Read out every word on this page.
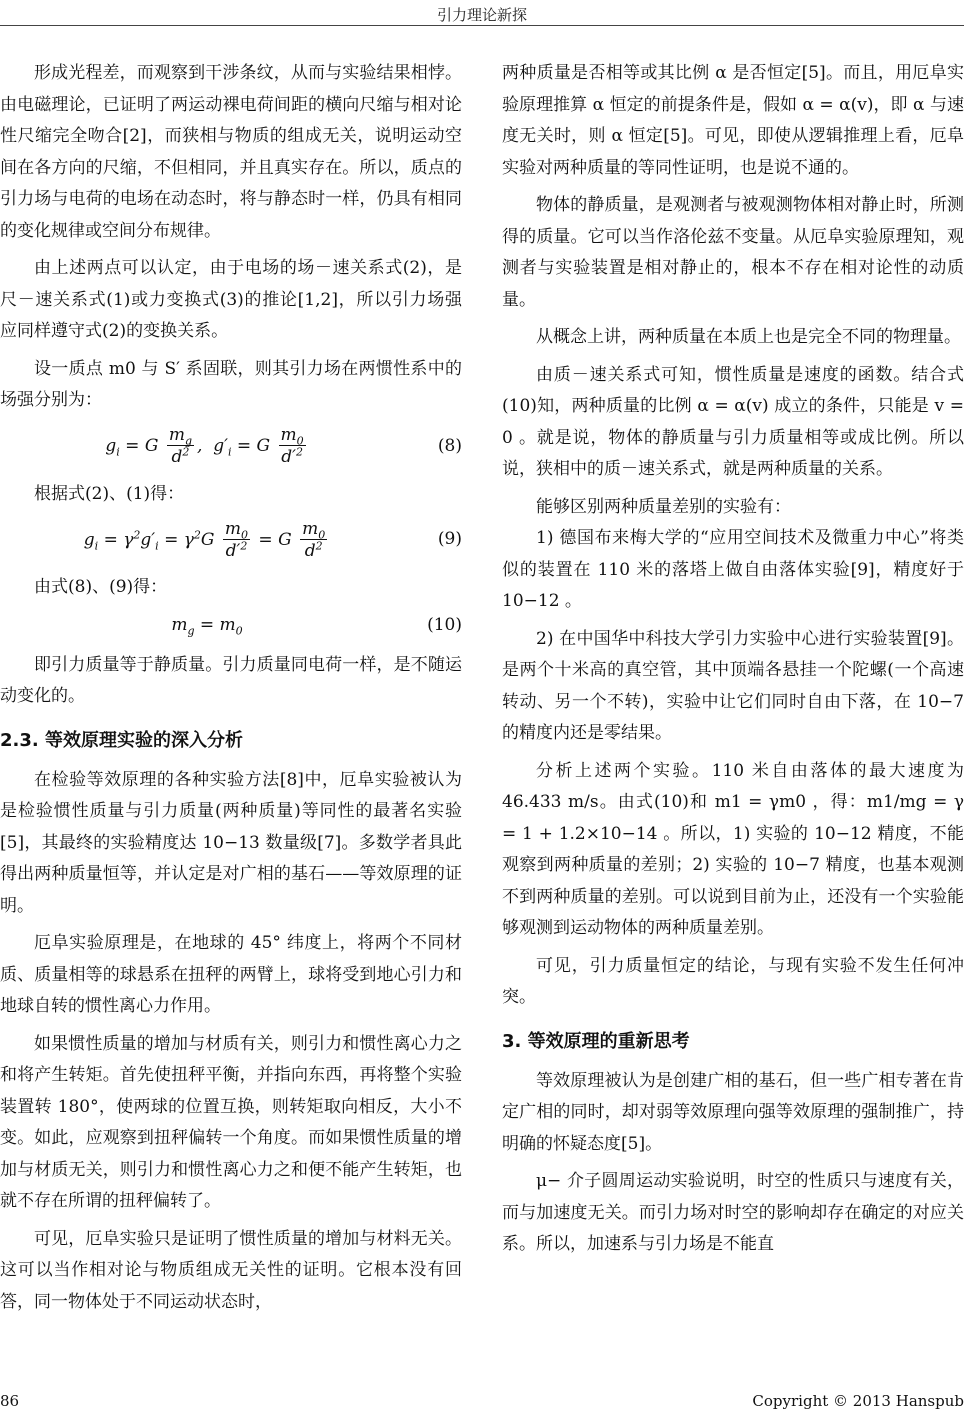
引力理论新探

形成光程差，而观察到干涉条纹，从而与实验结果相悖。由电磁理论，已证明了两运动裸电荷间距的横向尺缩与相对论性尺缩完全吻合[2]，而狭相与物质的组成无关，说明运动空间在各方向的尺缩，不但相同，并且真实存在。所以，质点的引力场与电荷的电场在动态时，将与静态时一样，仍具有相同的变化规律或空间分布规律。

由上述两点可以认定，由于电场的场－速关系式(2)，是尺－速关系式(1)或力变换式(3)的推论[1,2]，所以引力场强应同样遵守式(2)的变换关系。

设一质点 m0 与 S′ 系固联，则其引力场在两惯性系中的场强分别为：

$g_i = G \frac{m_g}{d^2}$ ,  $g'_i = G \frac{m_0}{d'^2}$	(8)

根据式(2)、(1)得：

$g_i = \gamma^2g'_i = \gamma^2G \frac{m_0}{d'^2} = G \frac{m_0}{d^2}$	(9)

由式(8)、(9)得：

$m_g = m_0$	(10)

即引力质量等于静质量。引力质量同电荷一样，是不随运动变化的。

2.3. 等效原理实验的深入分析

在检验等效原理的各种实验方法[8]中，厄阜实验被认为是检验惯性质量与引力质量(两种质量)等同性的最著名实验[5]，其最终的实验精度达 10−13 数量级[7]。多数学者具此得出两种质量恒等，并认定是对广相的基石——等效原理的证明。

厄阜实验原理是，在地球的 45° 纬度上，将两个不同材质、质量相等的球悬系在扭秤的两臂上，球将受到地心引力和地球自转的惯性离心力作用。

如果惯性质量的增加与材质有关，则引力和惯性离心力之和将产生转矩。首先使扭秤平衡，并指向东西，再将整个实验装置转 180°，使两球的位置互换，则转矩取向相反，大小不变。如此，应观察到扭秤偏转一个角度。而如果惯性质量的增加与材质无关，则引力和惯性离心力之和便不能产生转矩，也就不存在所谓的扭秤偏转了。

可见，厄阜实验只是证明了惯性质量的增加与材料无关。这可以当作相对论与物质组成无关性的证明。它根本没有回答，同一物体处于不同运动状态时，

两种质量是否相等或其比例 α 是否恒定[5]。而且，用厄阜实验原理推算 α 恒定的前提条件是，假如 α = α(v)，即 α 与速度无关时，则 α 恒定[5]。可见，即使从逻辑推理上看，厄阜实验对两种质量的等同性证明，也是说不通的。

物体的静质量，是观测者与被观测物体相对静止时，所测得的质量。它可以当作洛伦兹不变量。从厄阜实验原理知，观测者与实验装置是相对静止的，根本不存在相对论性的动质量。

从概念上讲，两种质量在本质上也是完全不同的物理量。

由质－速关系式可知，惯性质量是速度的函数。结合式(10)知，两种质量的比例 α = α(v) 成立的条件，只能是 v = 0 。就是说，物体的静质量与引力质量相等或成比例。所以说，狭相中的质－速关系式，就是两种质量的关系。

能够区别两种质量差别的实验有：

1) 德国布来梅大学的“应用空间技术及微重力中心”将类似的装置在 110 米的落塔上做自由落体实验[9]，精度好于 10−12 。

2) 在中国华中科技大学引力实验中心进行实验装置[9]。是两个十米高的真空管，其中顶端各悬挂一个陀螺(一个高速转动、另一个不转)，实验中让它们同时自由下落，在 10−7 的精度内还是零结果。

分析上述两个实验。110 米自由落体的最大速度为 46.433 m/s。由式(10)和 m1 = γm0 ，得：m1/mg = γ = 1 + 1.2×10−14 。所以，1) 实验的 10−12 精度，不能观察到两种质量的差别；2) 实验的 10−7 精度，也基本观测不到两种质量的差别。可以说到目前为止，还没有一个实验能够观测到运动物体的两种质量差别。

可见，引力质量恒定的结论，与现有实验不发生任何冲突。

3. 等效原理的重新思考

等效原理被认为是创建广相的基石，但一些广相专著在肯定广相的同时，却对弱等效原理向强等效原理的强制推广，持明确的怀疑态度[5]。

μ− 介子圆周运动实验说明，时空的性质只与速度有关，而与加速度无关。而引力场对时空的影响却存在确定的对应关系。所以，加速系与引力场是不能直

86	Copyright © 2013 Hanspub
